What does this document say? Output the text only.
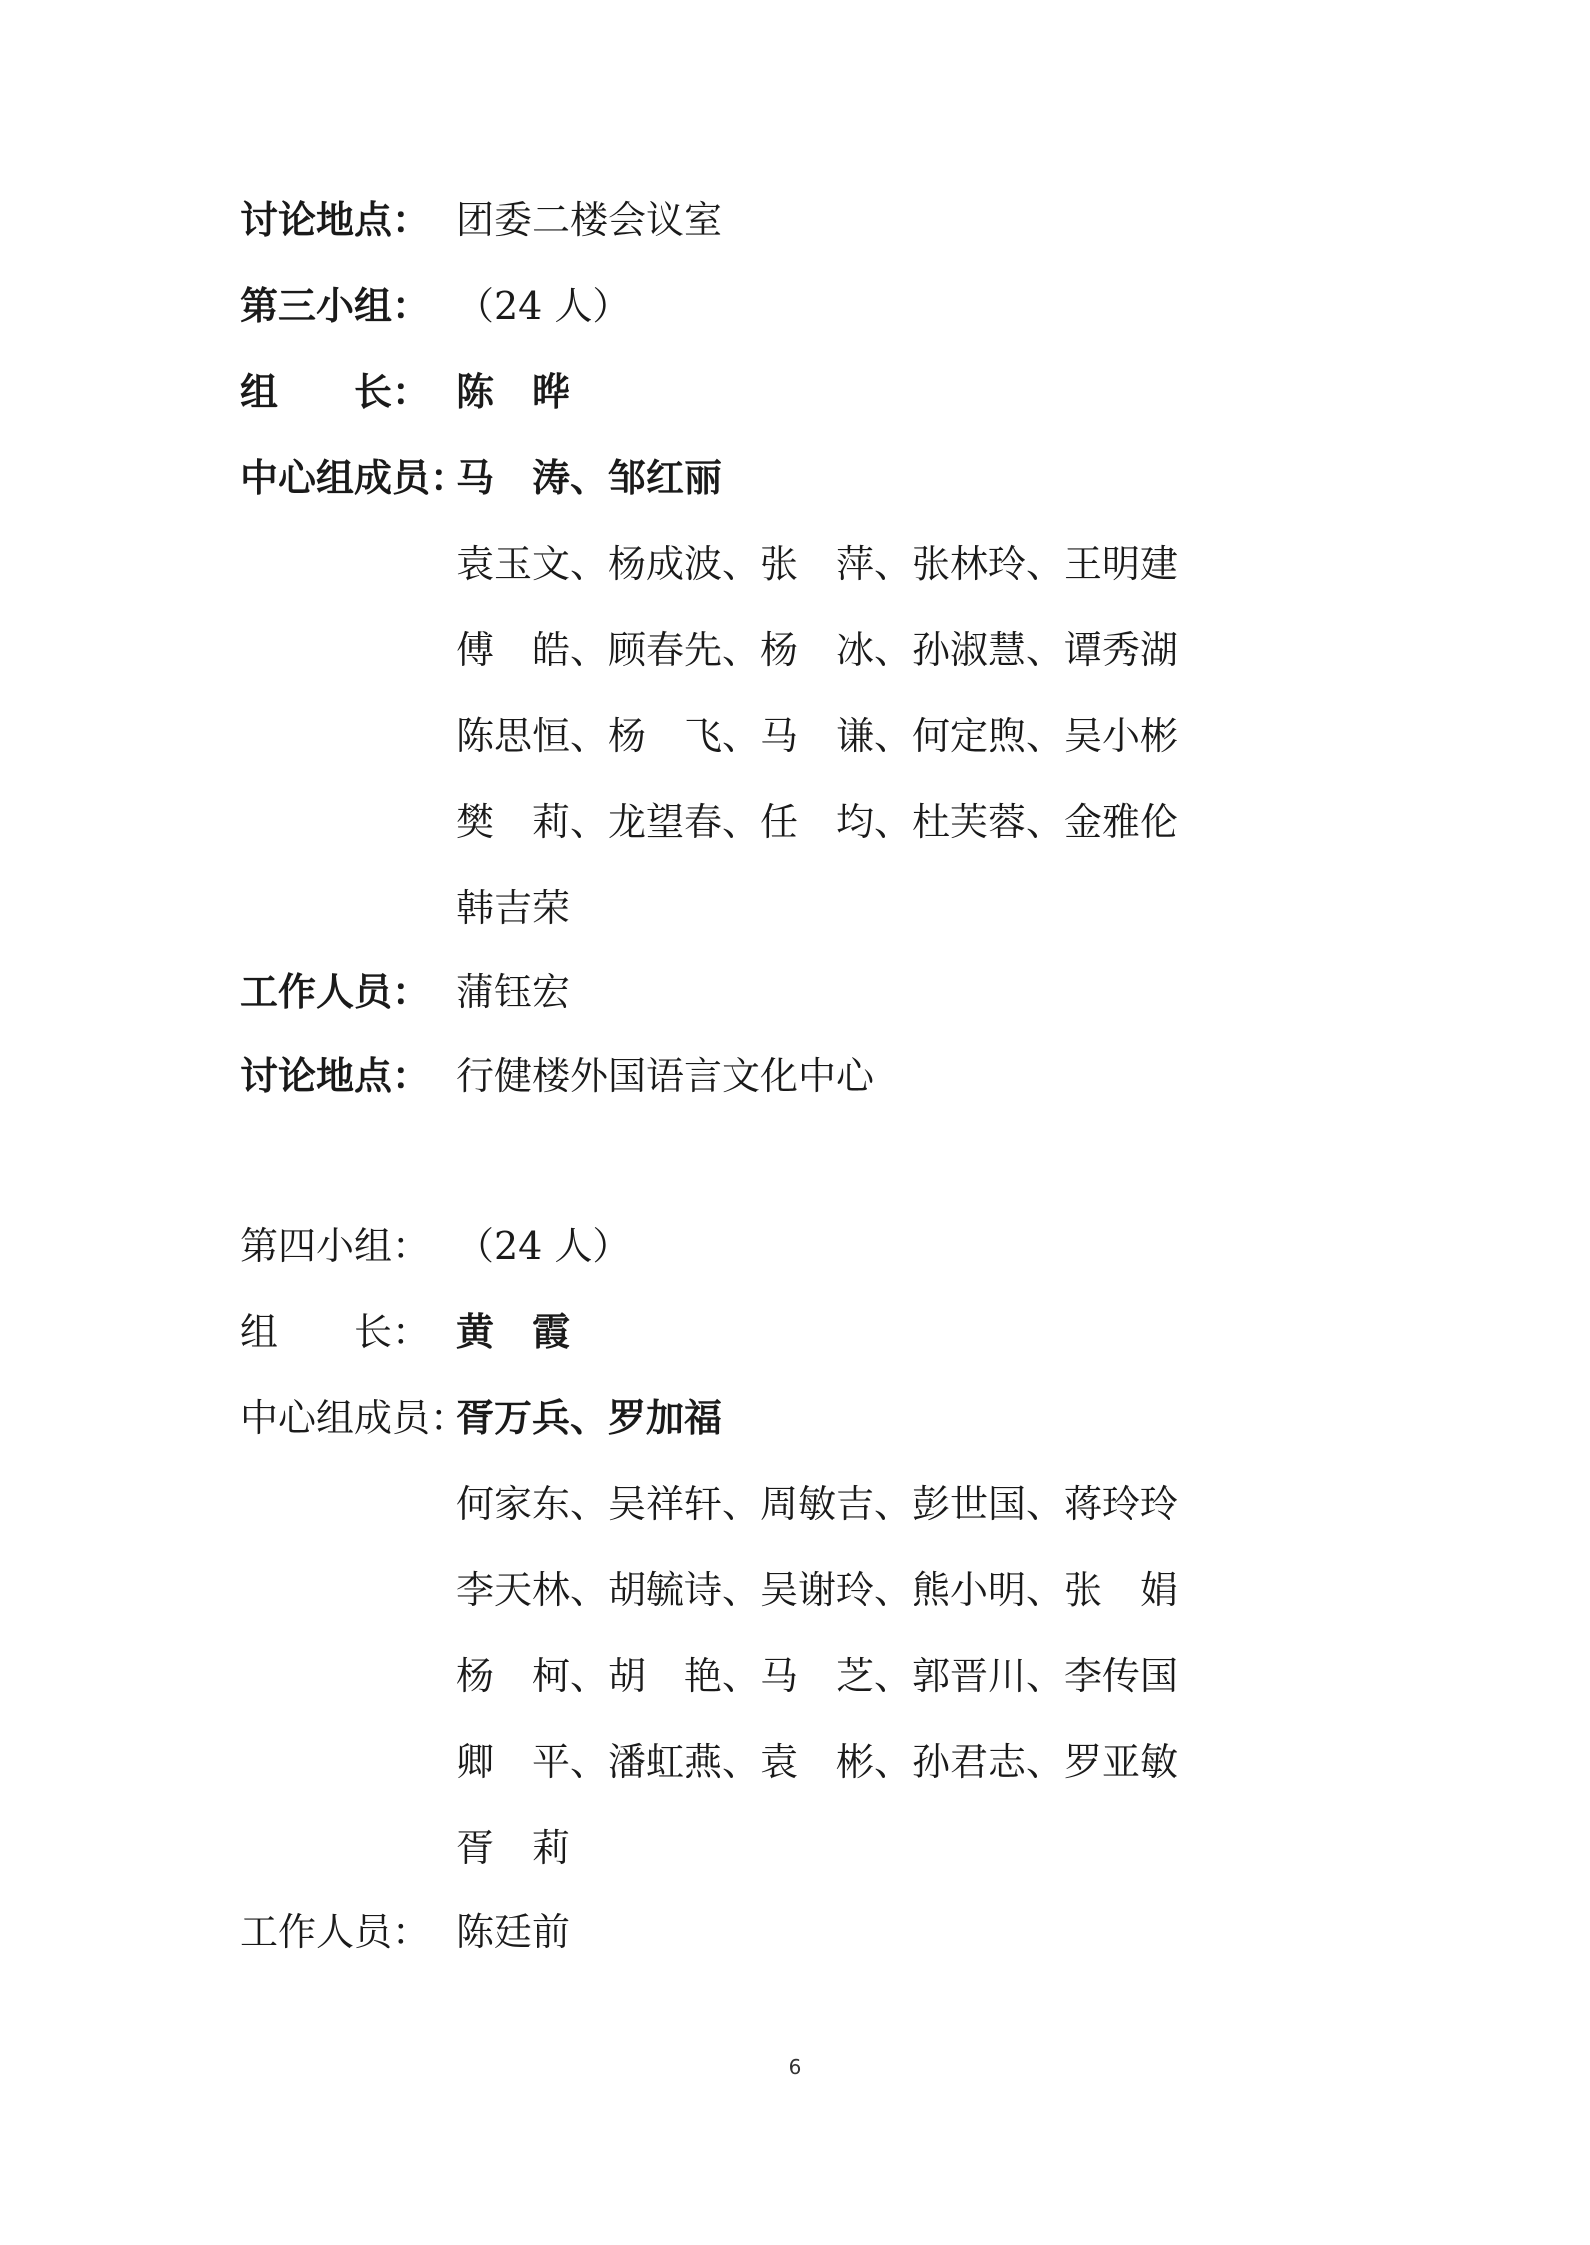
讨论地点： 团委二楼会议室
第三小组： （24 人）
组　　长： 陈　晔
中心组成员：
马　涛、邹红丽
袁玉文、杨成波、张　萍、张林玲、王明建
傅　皓、顾春先、杨　冰、孙淑慧、谭秀湖
陈思恒、杨　飞、马　谦、何定煦、吴小彬
樊　莉、龙望春、任　均、杜芙蓉、金雅伦
韩吉荣
工作人员： 蒲钰宏
讨论地点： 行健楼外国语言文化中心
第四小组： （24 人）
组　　长： 黄　霞
中心组成员：
胥万兵、罗加福
何家东、吴祥轩、周敏吉、彭世国、蒋玲玲
李天林、胡毓诗、吴谢玲、熊小明、张　娟
杨　柯、胡　艳、马　芝、郭晋川、李传国
卿　平、潘虹燕、袁　彬、孙君志、罗亚敏
胥　莉
工作人员： 陈廷前
6
